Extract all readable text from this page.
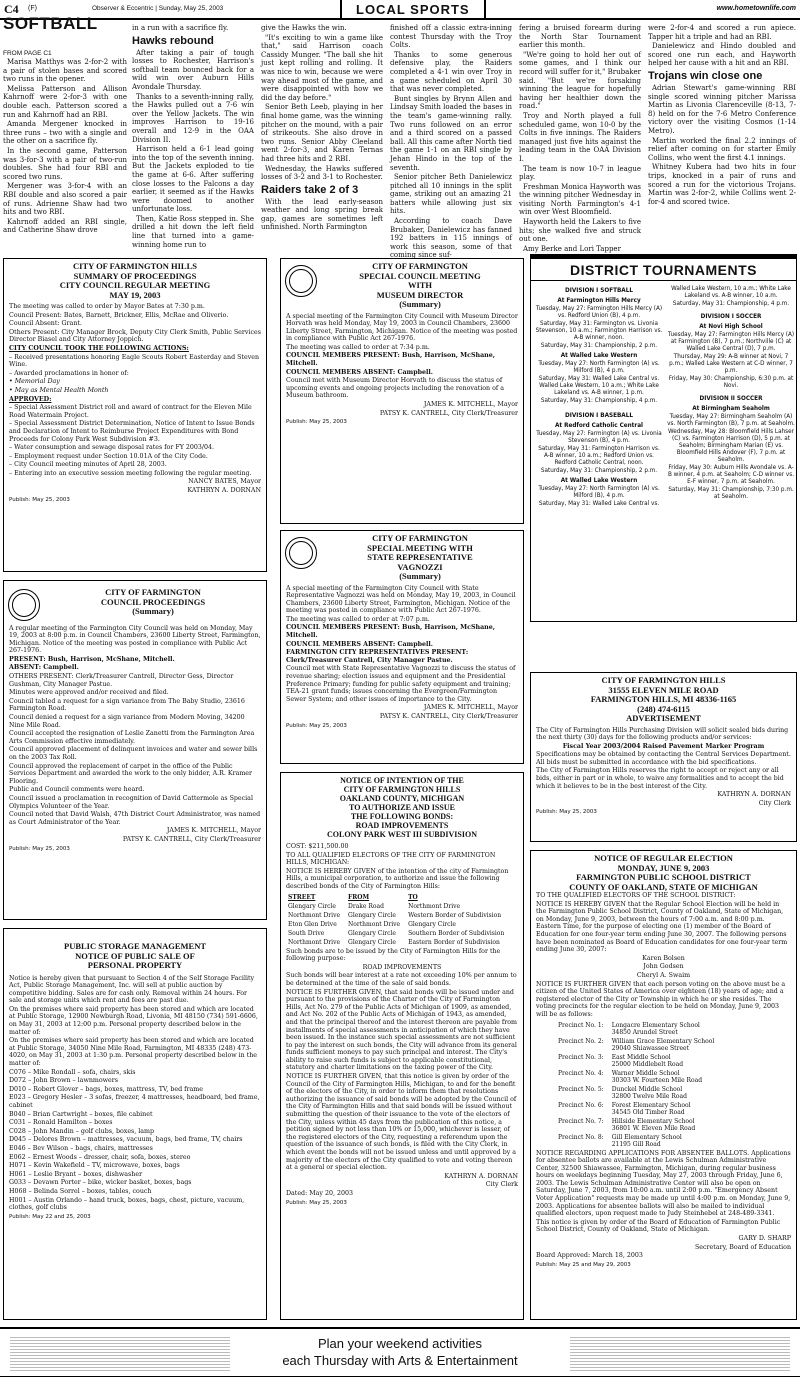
C4 (F)	Observer & Eccentric | Sunday, May 25, 2003	LOCAL SPORTS	www.hometownlife.com
SOFTBALL
FROM PAGE C1

Marisa Matthys was 2-for-2 with a pair of stolen bases and scored two runs in the opener.

Melissa Patterson and Allison Kahrnoff were 2-for-3 with one double each. Patterson scored a run and Kahrnoff had an RBI.

Amanda Mergener knocked in three runs – two with a single and the other on a sacrifice fly.

In the second game, Patterson was 3-for-3 with a pair of two-run doubles. She had four RBI and scored two runs.

Mergener was 3-for-4 with an RBI double and also scored a pair of runs. Adrienne Shaw had two hits and two RBI.

Kahrnoff added an RBI single, and Catherine Shaw drove

in a run with a sacrifice fly.

Hawks rebound

After taking a pair of tough losses to Rochester, Harrison's softball team bounced back for a wild win over Auburn Hills Avondale Thursday.

Thanks to a seventh-inning rally, the Hawks pulled out a 7-6 win over the Yellow Jackets. The win improves Harrison to 19-16 overall and 12-9 in the OAA Division II.

Harrison held a 6-1 lead going into the top of the seventh inning. But the Jackets exploded to tie the game at 6-6. After suffering close losses to the Falcons a day earlier, it seemed as if the Hawks were doomed to another unfortunate loss.

Then, Katie Ross stepped in. She drilled a hit down the left field line that turned into a game-winning home run to

give the Hawks the win.

"It's exciting to win a game like that," said Harrison coach Cassidy Munger. "The ball she hit just kept rolling and rolling. It was nice to win, because we were way ahead most of the game, and were disappointed with how we did the day before."

Senior Beth Leeb, playing in her final home game, was the winning pitcher on the mound, with a pair of strikeouts. She also drove in two runs. Senior Abby Cleeland went 2-for-3, and Karen Ternas had three hits and 2 RBI.

Wednesday, the Hawks suffered losses of 3-2 and 3-1 to Rochester.

Raiders take 2 of 3

With the lead early-season weather and long spring break gap, games are sometimes left unfinished. North Farmington

finished off a classic extra-inning contest Thursday with the Troy Colts.

Thanks to some generous defensive play, the Raiders completed a 4-1 win over Troy in a game scheduled on April 30 that was never completed.

Bunt singles by Brynn Allen and Lindsay Smith loaded the bases in the team's game-winning rally. Two runs followed on an error and a third scored on a passed ball. All this came after North tied the game 1-1 on an RBI single by Jehan Hindo in the top of the seventh.

Senior pitcher Beth Danielewicz pitched all 10 innings in the split game, striking out an amazing 21 batters while allowing just six hits.

According to coach Dave Brubaker, Danielewicz has fanned 192 batters in 115 innings of work this season, some of that coming since suf-

fering a bruised forearm during the North Star Tournament earlier this month.

"We're going to hold her out of some games, and I think our record will suffer for it," Brubaker said. "But we're forsaking winning the league for hopefully having her healthier down the road."

Troy and North played a full scheduled game, won 10-0 by the Colts in five innings. The Raiders managed just five hits against the leading team in the OAA Division I.

The team is now 10-7 in league play.

Freshman Monica Hayworth was the winning pitcher Wednesday in visiting North Farmington's 4-1 win over West Bloomfield.

Hayworth held the Lakers to five hits; she walked five and struck out one.

Amy Berke and Lori Tapper

were 2-for-4 and scored a run apiece. Tapper hit a triple and had an RBI.

Danielewicz and Hindo doubled and scored one run each, and Hayworth helped her cause with a hit and an RBI.

Trojans win close one

Adrian Stewart's game-winning RBI single scored winning pitcher Marissa Martin as Livonia Clarenceville (8-13, 7-8) held on for the 7-6 Metro Conference victory over the visiting Cosmos (1-14 Metro).

Martin worked the final 2.2 innings of relief after coming on for starter Emily Collins, who went the first 4.1 innings.

Whitney Kubera had two hits in four trips, knocked in a pair of runs and scored a run for the victorious Trojans. Martin was 2-for-2, while Collins went 2-for-4 and scored twice.

CITY OF FARMINGTON HILLS
SUMMARY OF PROCEEDINGS
CITY COUNCIL REGULAR MEETING
MAY 19, 2003

The meeting was called to order by Mayor Bates at 7:30 p.m.

Council Present: Bates, Barnett, Brickner, Ellis, McRae and Oliverio.

Council Absent: Grant.

Others Present: City Manager Brock, Deputy City Clerk Smith, Public Services Director Biasel and City Attorney Joppich.

CITY COUNCIL TOOK THE FOLLOWING ACTIONS:

– Received presentations honoring Eagle Scouts Robert Easterday and Steven Wine.

– Awarded proclamations in honor of:

• Memorial Day

• May as Mental Health Month

APPROVED:

– Special Assessment District roll and award of contract for the Eleven Mile Road Watermain Project.

– Special Assessment District Determination, Notice of Intent to Issue Bonds and Declaration of Intent to Reimburse Project Expenditures with Bond Proceeds for Colony Park West Subdivision #3.

– Water consumption and sewage disposal rates for FY 2003/04.

– Employment request under Section 10.01A of the City Code.

– City Council meeting minutes of April 28, 2003.

– Entering into an executive session meeting following the regular meeting.

NANCY BATES, Mayor

KATHRYN A. DORNAN

Publish: May 25, 2003
CITY OF FARMINGTON
SPECIAL COUNCIL MEETING
WITH
MUSEUM DIRECTOR
(Summary)

A special meeting of the Farmington City Council with Museum Director Horvath was held Monday, May 19, 2003 in Council Chambers, 23600 Liberty Street, Farmington, Michigan. Notice of the meeting was posted in compliance with Public Act 267-1976.

The meeting was called to order at 7:34 p.m.

COUNCIL MEMBERS PRESENT: Bush, Harrison, McShane, Mitchell.

COUNCIL MEMBERS ABSENT: Campbell.

Council met with Museum Director Horvath to discuss the status of upcoming events and ongoing projects including the renovation of a Museum bathroom.

JAMES K. MITCHELL, Mayor

PATSY K. CANTRELL, City Clerk/Treasurer

Publish: May 25, 2003
CITY OF FARMINGTON
SPECIAL MEETING WITH
STATE REPRESENTATIVE
VAGNOZZI
(Summary)

A special meeting of the Farmington City Council with State Representative Vagnozzi was held on Monday, May 19, 2003, in Council Chambers, 23600 Liberty Street, Farmington, Michigan. Notice of the meeting was posted in compliance with Public Act 267-1976.

The meeting was called to order at 7:07 p.m.

COUNCIL MEMBERS PRESENT: Bush, Harrison, McShane, Mitchell.

COUNCIL MEMBERS ABSENT: Campbell.

FARMINGTON CITY REPRESENTATIVES PRESENT: Clerk/Treasurer Cantrell, City Manager Pastue.

Council met with State Representative Vagnozzi to discuss the status of revenue sharing; election issues and equipment and the Presidential Preference Primary; funding for public safety equipment and training; TEA-21 grant funds; issues concerning the Evergreen/Farmington Sewer System; and other issues of importance to the City.

JAMES K. MITCHELL, Mayor

PATSY K. CANTRELL, City Clerk/Treasurer

Publish: May 25, 2003
CITY OF FARMINGTON
COUNCIL PROCEEDINGS
(Summary)

A regular meeting of the Farmington City Council was held on Monday, May 19, 2003 at 8:00 p.m. in Council Chambers, 23600 Liberty Street, Farmington, Michigan. Notice of the meeting was posted in compliance with Public Act 267-1976.

PRESENT: Bush, Harrison, McShane, Mitchell.

ABSENT: Campbell.

OTHERS PRESENT: Clerk/Treasurer Cantrell, Director Gess, Director Gushman, City Manager Pastue.

Minutes were approved and/or received and filed.

Council tabled a request for a sign variance from The Baby Studio, 23616 Farmington Road.

Council denied a request for a sign variance from Modern Moving, 34200 Nine Mile Road.

Council accepted the resignation of Leslie Zanetti from the Farmington Area Arts Commission effective immediately.

Council approved placement of delinquent invoices and water and sewer bills on the 2003 Tax Roll.

Council approved the replacement of carpet in the office of the Public Services Department and awarded the work to the only bidder, A.R. Kramer Flooring.

Public and Council comments were heard.

Council issued a proclamation in recognition of David Cattermole as Special Olympics Volunteer of the Year.

Council noted that David Walsh, 47th District Court Administrator, was named as Court Administrator of the Year.

JAMES K. MITCHELL, Mayor

PATSY K. CANTRELL, City Clerk/Treasurer

Publish: May 25, 2003
PUBLIC STORAGE MANAGEMENT
NOTICE OF PUBLIC SALE OF
PERSONAL PROPERTY

Notice is hereby given that pursuant to Section 4 of the Self Storage Facility Act, Public Storage Management, Inc. will sell at public auction by competitive bidding. Sales are for cash only. Removal within 24 hours. For sale and storage units which rent and fees are past due.

On the premises where said property has been stored and which are located at Public Storage, 12900 Newburgh Road, Livonia, MI 48150 (734) 591-6606, on May 31, 2003 at 12:00 p.m. Personal property described below in the matter of:

On the premises where said property has been stored and which are located at Public Storage, 34050 Nine Mile Road, Farmington, MI 48335 (248) 473-4020, on May 31, 2003 at 1:30 p.m. Personal property described below in the matter of:

C076 – Mike Rondall – sofa, chairs, skis

D072 – John Brown – lawnmowers

D010 – Robert Glover – bags, boxes, mattress, TV, bed frame

E023 – Gregory Hesler – 3 sofas, freezer, 4 mattresses, headboard, bed frame, cabinet

B040 – Brian Cartwright – boxes, file cabinet

C031 – Ronald Hamilton – boxes

C028 – John Mandin – golf clubs, boxes, lamp

D045 – Delores Brown – mattresses, vacuum, bags, bed frame, TV, chairs

E046 – Bev Wilson – bags, chairs, mattresses

E062 – Ernest Woods – dresser, chair, sofa, boxes, stereo

H071 – Kevin Wakefield – TV, microwave, boxes, bags

H061 – Leslie Bryant – boxes, dishwasher

G033 – Devawn Porter – bike, wicker basket, boxes, bags

H068 – Belinda Sorrel – boxes, tables, couch

H001 – Austin Orlando – hand truck, boxes, bags, chest, picture, vacuum, clothes, golf clubs

Publish: May 22 and 25, 2003
NOTICE OF INTENTION OF THE
CITY OF FARMINGTON HILLS
OAKLAND COUNTY, MICHIGAN
TO AUTHORIZE AND ISSUE
THE FOLLOWING BONDS:
ROAD IMPROVEMENTS
COLONY PARK WEST III SUBDIVISION

COST: $211,500.00

TO ALL QUALIFIED ELECTORS OF THE CITY OF FARMINGTON HILLS, MICHIGAN:

NOTICE IS HEREBY GIVEN of the intention of the city of Farmington Hills, a municipal corporation, to authorize and issue the following described bonds of the City of Farmington Hills:

STREET	FROM	TO
Glengary Circle	Drake Road	Northmont Drive
Northmont Drive	Glengary Circle	Western Border of Subdivision
Eton Glen Drive	Northmont Drive	Glengary Circle
South Drive	Glengary Circle	Southern Border of Subdivision
Northmont Drive	Glengary Circle	Eastern Border of Subdivision

Such bonds are to be issued by the City of Farmington Hills for the following purpose:

ROAD IMPROVEMENTS

Such bonds will bear interest at a rate not exceeding 10% per annum to be determined at the time of the sale of said bonds.

NOTICE IS FURTHER GIVEN, that said bonds will be issued under and pursuant to the provisions of the Charter of the City of Farmington Hills, Act No. 279 of the Public Acts of Michigan of 1909, as amended, and Act No. 202 of the Public Acts of Michigan of 1943, as amended, and that the principal thereof and the interest thereon are payable from installments of special assessments in anticipation of which they have been issued. In the instance such special assessments are not sufficient to pay the interest on such bonds, the City will advance from its general funds sufficient moneys to pay such principal and interest. The City's ability to raise such funds is subject to applicable constitutional, statutory and charter limitations on the taxing power of the City.

NOTICE IS FURTHER GIVEN, that this notice is given by order of the Council of the City of Farmington Hills, Michigan, to and for the benefit of the electors of the City, in order to inform them that resolutions authorizing the issuance of said bonds will be adopted by the Council of the City of Farmington Hills and that said bonds will be issued without submitting the question of their issuance to the vote of the electors of the City, unless within 45 days from the publication of this notice, a petition signed by not less than 10% or 15,000, whichever is lesser, of the registered electors of the City, requesting a referendum upon the question of the issuance of such bonds, is filed with the City Clerk, in which event the bonds will not be issued unless and until approved by a majority of the electors of the City qualified to vote and voting thereon at a general or special election.

KATHRYN A. DORNAN

City Clerk

Dated: May 20, 2003

Publish: May 25, 2003
DISTRICT TOURNAMENTS
DIVISION I SOFTBALL
At Farmington Hills Mercy
Tuesday, May 27: Farmington Hills Mercy (A) vs. Redford Union (B), 4 p.m.
Saturday, May 31: Farmington vs. Livonia Stevenson, 10 a.m.; Farmington Harrison vs. A-B winner, noon.
Saturday, May 31: Championship, 2 p.m.
At Walled Lake Western
Tuesday, May 27: North Farmington (A) vs. Milford (B), 4 p.m.
Saturday, May 31: Walled Lake Central vs. Walled Lake Western, 10 a.m.; White Lake Lakeland vs. A-B winner, 1 p.m.
Saturday, May 31: Championship, 4 p.m.
DIVISION I BASEBALL
At Redford Catholic Central
Tuesday, May 27: Farmington (A) vs. Livonia Stevenson (B), 4 p.m.
Saturday, May 31: Farmington Harrison vs. A-B winner, 10 a.m.; Redford Union vs. Redford Catholic Central, noon.
Saturday, May 31: Championship, 2 p.m.
At Walled Lake Western
Tuesday, May 27: North Farmington (A) vs. Milford (B), 4 p.m.
Saturday, May 31: Walled Lake Central vs.
Walled Lake Western, 10 a.m.; White Lake Lakeland vs. A-B winner, 10 a.m.
Saturday, May 31: Championship, 4 p.m.
DIVISION I SOCCER
At Novi High School
Tuesday, May 27: Farmington Hills Mercy (A) at Farmington (B), 7 p.m.; Northville (C) at Walled Lake Central (D), 7 p.m.
Thursday, May 29: A-B winner at Novi, 7 p.m.; Walled Lake Western at C-D winner, 7 p.m.
Friday, May 30: Championship, 6:30 p.m. at Novi.
DIVISION II SOCCER
At Birmingham Seaholm
Tuesday, May 27: Birmingham Seaholm (A) vs. North Farmington (B), 7 p.m. at Seaholm.
Wednesday, May 28: Bloomfield Hills Lahser (C) vs. Farmington Harrison (D), 5 p.m. at Seaholm; Birmingham Marian (E) vs. Bloomfield Hills Andover (F), 7 p.m. at Seaholm.
Friday, May 30: Auburn Hills Avondale vs. A-B winner, 4 p.m. at Seaholm; C-D winner vs. E-F winner, 7 p.m. at Seaholm.
Saturday, May 31: Championship, 7:30 p.m. at Seaholm.
CITY OF FARMINGTON HILLS
31555 ELEVEN MILE ROAD
FARMINGTON HILLS, MI 48336-1165
(248) 474-6115
ADVERTISEMENT

The City of Farmington Hills Purchasing Division will solicit sealed bids during the next thirty (30) days for the following products and/or services:

Fiscal Year 2003/2004 Raised Pavement Marker Program

Specifications may be obtained by contacting the Central Services Department. All bids must be submitted in accordance with the bid specifications.

The City of Farmington Hills reserves the right to accept or reject any or all bids, either in part or in whole, to waive any formalities and to accept the bid which it believes to be in the best interest of the City.

KATHRYN A. DORNAN

City Clerk

Publish: May 25, 2003
NOTICE OF REGULAR ELECTION
MONDAY, JUNE 9, 2003
FARMINGTON PUBLIC SCHOOL DISTRICT
COUNTY OF OAKLAND, STATE OF MICHIGAN

TO THE QUALIFIED ELECTORS OF THE SCHOOL DISTRICT:

NOTICE IS HEREBY GIVEN that the Regular School Election will be held in the Farmington Public School District, County of Oakland, State of Michigan, on Monday, June 9, 2003, between the hours of 7:00 a.m. and 8:00 p.m. Eastern Time, for the purpose of electing one (1) member of the Board of Education for one four-year term ending June 30, 2007. The following persons have been nominated as Board of Education candidates for one four-year term ending June 30, 2007:

Karen Bolsen

John Godsen

Cheryl A. Swaim

NOTICE IS FURTHER GIVEN that each person voting on the above must be a citizen of the United States of America over eighteen (18) years of age; and a registered elector of the City or Township in which he or she resides. The voting precincts for the regular election to be held on Monday, June 9, 2003 will be as follows:

Precinct No. 1:	Longacre Elementary School
34850 Arundel Street

Precinct No. 2:	William Grace Elementary School
29040 Shiawassee Street

Precinct No. 3:	East Middle School
25000 Middlebelt Road

Precinct No. 4:	Warner Middle School
30303 W. Fourteen Mile Road

Precinct No. 5:	Dunckel Middle School
32800 Twelve Mile Road

Precinct No. 6:	Forest Elementary School
34545 Old Timber Road

Precinct No. 7:	Hillside Elementary School
36801 W. Eleven Mile Road

Precinct No. 8:	Gill Elementary School
21195 Gill Road

NOTICE REGARDING APPLICATIONS FOR ABSENTEE BALLOTS. Applications for absentee ballots are available at the Lewis Schulman Administrative Center, 32500 Shiawassee, Farmington, Michigan, during regular business hours on weekdays beginning Tuesday, May 27, 2003 through Friday, June 6, 2003. The Lewis Schulman Administrative Center will also be open on Saturday, June 7, 2003, from 10:00 a.m. until 2:00 p.m. "Emergency Absent Voter Application" requests may be made up until 4:00 p.m. on Monday, June 9, 2003. Applications for absentee ballots will also be mailed to individual qualified electors, upon request made to Judy Steinhebel at 248-489-3341.

This notice is given by order of the Board of Education of Farmington Public School District, County of Oakland, State of Michigan.

GARY D. SHARP

Secretary, Board of Education

Board Approved: March 18, 2003

Publish: May 25 and May 29, 2003
Plan your weekend activities
each Thursday with Arts & Entertainment
